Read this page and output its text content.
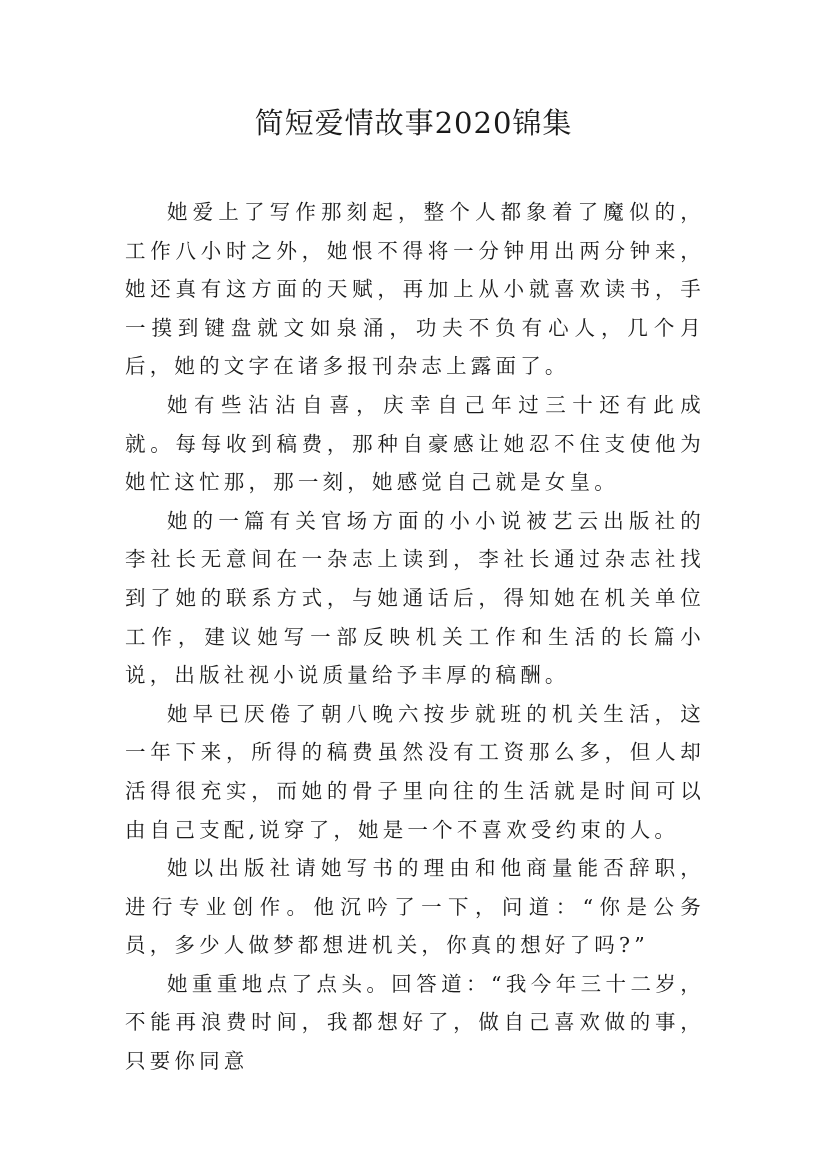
简短爱情故事2020锦集

她爱上了写作那刻起，整个人都象着了魔似的，工作八小时之外，她恨不得将一分钟用出两分钟来，她还真有这方面的天赋，再加上从小就喜欢读书，手一摸到键盘就文如泉涌，功夫不负有心人，几个月后，她的文字在诸多报刊杂志上露面了。

她有些沾沾自喜，庆幸自己年过三十还有此成就。每每收到稿费，那种自豪感让她忍不住支使他为她忙这忙那，那一刻，她感觉自己就是女皇。

她的一篇有关官场方面的小小说被艺云出版社的李社长无意间在一杂志上读到，李社长通过杂志社找到了她的联系方式，与她通话后，得知她在机关单位工作，建议她写一部反映机关工作和生活的长篇小说，出版社视小说质量给予丰厚的稿酬。

她早已厌倦了朝八晚六按步就班的机关生活，这一年下来，所得的稿费虽然没有工资那么多，但人却活得很充实，而她的骨子里向往的生活就是时间可以由自己支配,说穿了，她是一个不喜欢受约束的人。

她以出版社请她写书的理由和他商量能否辞职，进行专业创作。他沉吟了一下，问道：“你是公务员，多少人做梦都想进机关，你真的想好了吗?”

她重重地点了点头。回答道：“我今年三十二岁，不能再浪费时间，我都想好了，做自己喜欢做的事，只要你同意
